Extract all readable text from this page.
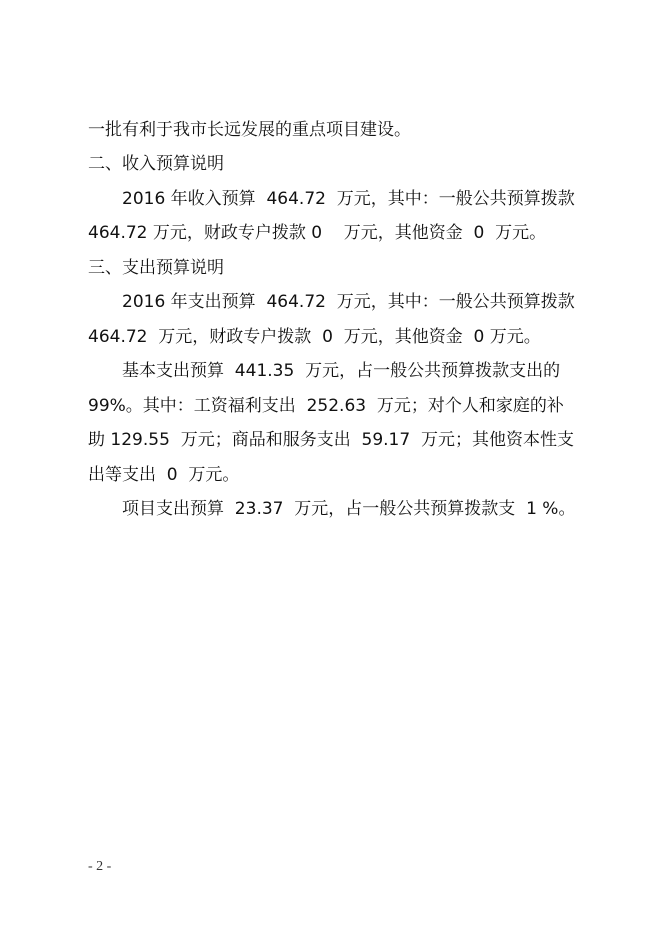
一批有利于我市长远发展的重点项目建设。
二、收入预算说明
2016 年收入预算  464.72  万元，其中：一般公共预算拨款
464.72 万元，财政专户拨款 0    万元，其他资金  0  万元。
三、支出预算说明
2016 年支出预算  464.72  万元，其中：一般公共预算拨款
464.72  万元，财政专户拨款  0  万元，其他资金  0 万元。
基本支出预算  441.35  万元，占一般公共预算拨款支出的
99%。其中：工资福利支出  252.63  万元；对个人和家庭的补
助 129.55  万元；商品和服务支出  59.17  万元；其他资本性支
出等支出  0  万元。
项目支出预算  23.37  万元，占一般公共预算拨款支  1 %。
- 2 -
